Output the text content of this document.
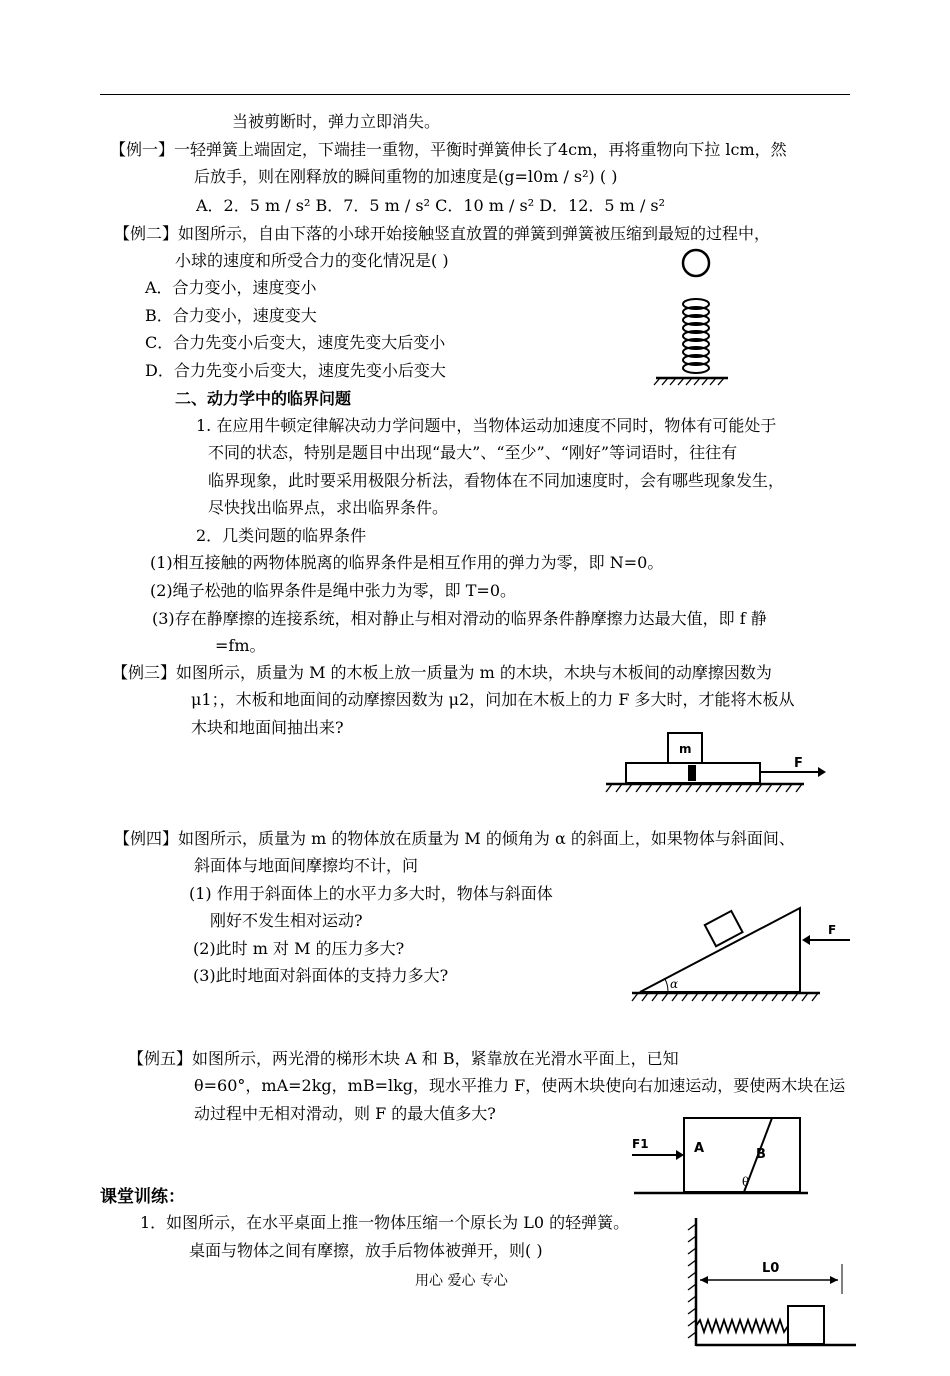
当被剪断时，弹力立即消失。
【例一】一轻弹簧上端固定，下端挂一重物，平衡时弹簧伸长了4cm，再将重物向下拉 lcm，然
后放手，则在刚释放的瞬间重物的加速度是(g=l0m / s²) ( )
A．2．5 m / s² B．7．5 m / s² C．10 m / s² D．12．5 m / s²
【例二】如图所示，自由下落的小球开始接触竖直放置的弹簧到弹簧被压缩到最短的过程中，
小球的速度和所受合力的变化情况是( )
A．合力变小，速度变小
B．合力变小，速度变大
C．合力先变小后变大，速度先变大后变小
D．合力先变小后变大，速度先变小后变大
二、动力学中的临界问题
1. 在应用牛顿定律解决动力学问题中，当物体运动加速度不同时，物体有可能处于
不同的状态，特别是题目中出现“最大”、“至少”、“刚好”等词语时，往往有
临界现象，此时要采用极限分析法，看物体在不同加速度时，会有哪些现象发生，
尽快找出临界点，求出临界条件。
2．几类问题的临界条件
(1)相互接触的两物体脱离的临界条件是相互作用的弹力为零，即 N=0。
(2)绳子松弛的临界条件是绳中张力为零，即 T=0。
(3)存在静摩擦的连接系统，相对静止与相对滑动的临界条件静摩擦力达最大值，即 f 静
=fm。
【例三】如图所示，质量为 M 的木板上放一质量为 m 的木块，木块与木板间的动摩擦因数为
μ1；，木板和地面间的动摩擦因数为 μ2，问加在木板上的力 F 多大时，才能将木板从
木块和地面间抽出来?
【例四】如图所示，质量为 m 的物体放在质量为 M 的倾角为 α 的斜面上，如果物体与斜面间、
斜面体与地面间摩擦均不计，问
(1) 作用于斜面体上的水平力多大时，物体与斜面体
刚好不发生相对运动?
(2)此时 m 对 M 的压力多大?
(3)此时地面对斜面体的支持力多大?
【例五】如图所示，两光滑的梯形木块 A 和 B，紧靠放在光滑水平面上，已知
θ=60°，mA=2kg，mB=lkg，现水平推力 F，使两木块使向右加速运动，要使两木块在运
动过程中无相对滑动，则 F 的最大值多大?
课堂训练：
1．如图所示，在水平桌面上推一物体压缩一个原长为 L0 的轻弹簧。
桌面与物体之间有摩擦，放手后物体被弹开，则( )
用心 爱心 专心
m
F
α
F
A	B
θ
F1
L0
